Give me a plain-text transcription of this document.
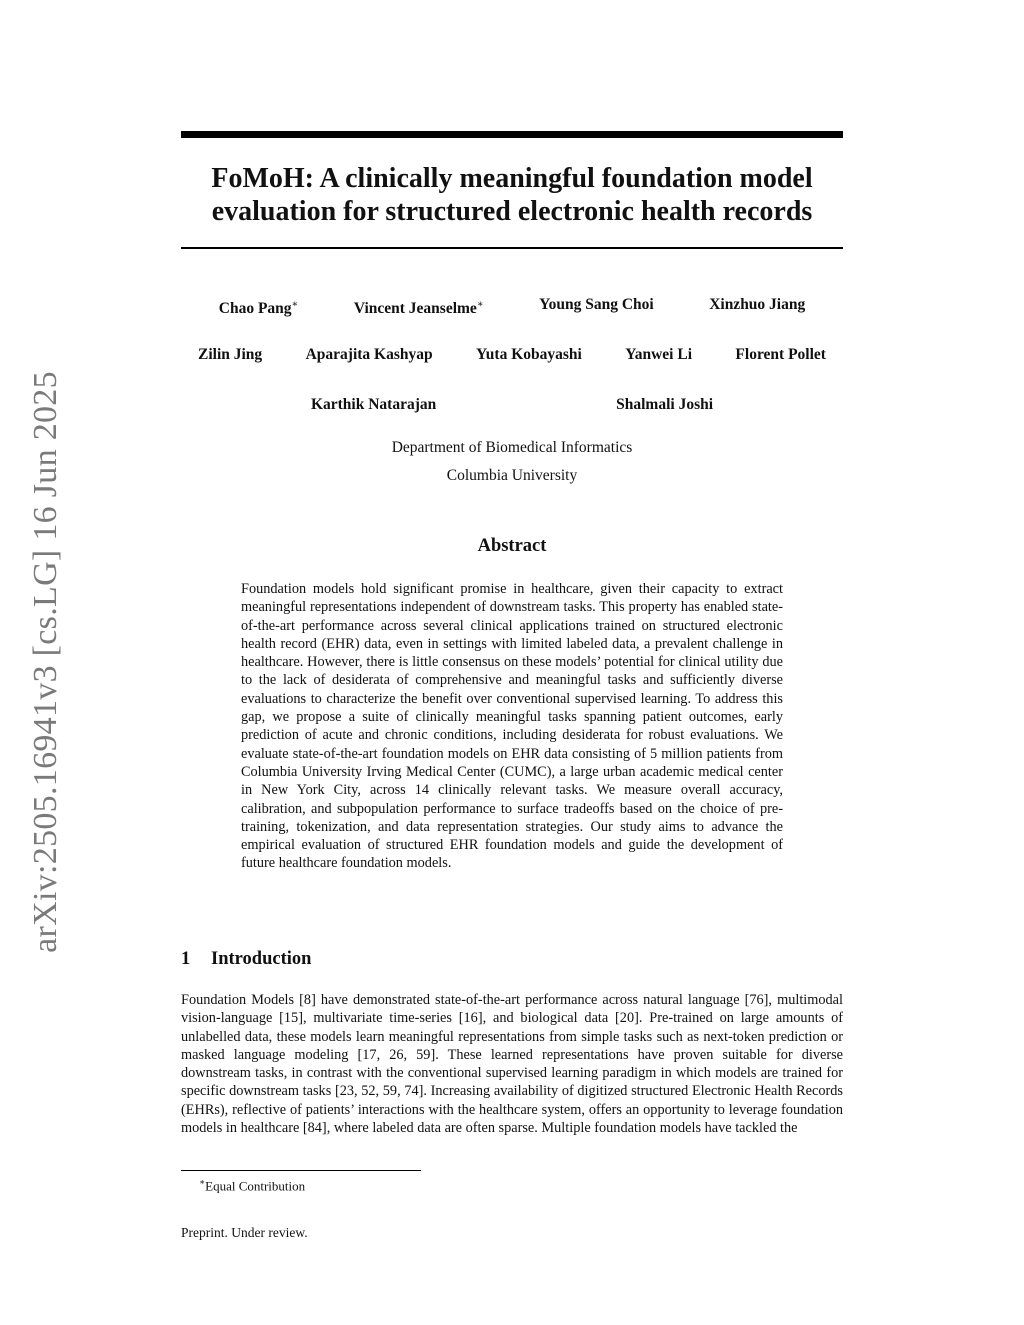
arXiv:2505.16941v3 [cs.LG] 16 Jun 2025
FoMoH: A clinically meaningful foundation model
evaluation for structured electronic health records
Chao Pang∗	Vincent Jeanselme∗	Young Sang Choi	Xinzhuo Jiang
Zilin Jing	Aparajita Kashyap	Yuta Kobayashi	Yanwei Li	Florent Pollet
Karthik Natarajan	Shalmali Joshi
Department of Biomedical Informatics
Columbia University
Abstract
Foundation models hold significant promise in healthcare, given their capacity to extract meaningful representations independent of downstream tasks. This property has enabled state-of-the-art performance across several clinical applications trained on structured electronic health record (EHR) data, even in settings with limited labeled data, a prevalent challenge in healthcare. However, there is little consensus on these models’ potential for clinical utility due to the lack of desiderata of comprehensive and meaningful tasks and sufficiently diverse evaluations to characterize the benefit over conventional supervised learning. To address this gap, we propose a suite of clinically meaningful tasks spanning patient outcomes, early prediction of acute and chronic conditions, including desiderata for robust evaluations. We evaluate state-of-the-art foundation models on EHR data consisting of 5 million patients from Columbia University Irving Medical Center (CUMC), a large urban academic medical center in New York City, across 14 clinically relevant tasks. We measure overall accuracy, calibration, and subpopulation performance to surface tradeoffs based on the choice of pre-training, tokenization, and data representation strategies. Our study aims to advance the empirical evaluation of structured EHR foundation models and guide the development of future healthcare foundation models.
1 Introduction
Foundation Models [8] have demonstrated state-of-the-art performance across natural language [76], multimodal vision-language [15], multivariate time-series [16], and biological data [20]. Pre-trained on large amounts of unlabelled data, these models learn meaningful representations from simple tasks such as next-token prediction or masked language modeling [17, 26, 59]. These learned representations have proven suitable for diverse downstream tasks, in contrast with the conventional supervised learning paradigm in which models are trained for specific downstream tasks [23, 52, 59, 74]. Increasing availability of digitized structured Electronic Health Records (EHRs), reflective of patients’ interactions with the healthcare system, offers an opportunity to leverage foundation models in healthcare [84], where labeled data are often sparse. Multiple foundation models have tackled the
∗Equal Contribution
Preprint. Under review.
